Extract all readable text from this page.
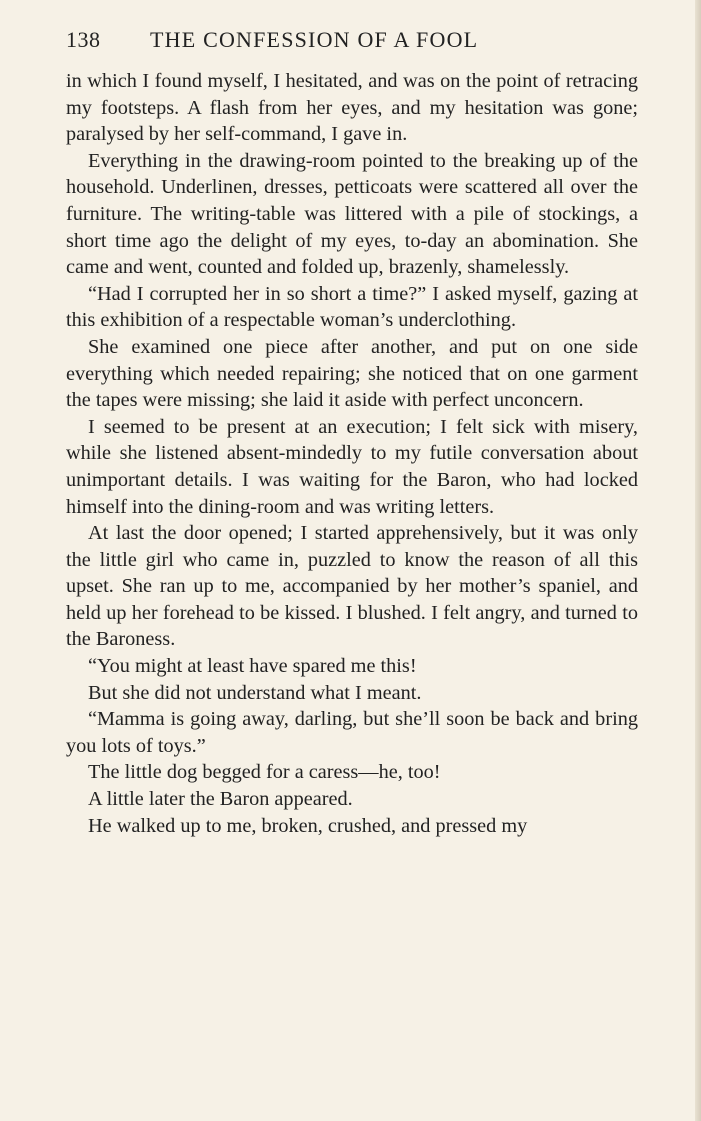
138 THE CONFESSION OF A FOOL

in which I found myself, I hesitated, and was on the point of retracing my footsteps. A flash from her eyes, and my hesitation was gone; paralysed by her self-command, I gave in.

Everything in the drawing-room pointed to the breaking up of the household. Underlinen, dresses, petticoats were scattered all over the furniture. The writing-table was littered with a pile of stockings, a short time ago the delight of my eyes, to-day an abomination. She came and went, counted and folded up, brazenly, shamelessly.

“Had I corrupted her in so short a time?” I asked myself, gazing at this exhibition of a respectable woman’s underclothing.

She examined one piece after another, and put on one side everything which needed repairing; she noticed that on one garment the tapes were missing; she laid it aside with perfect unconcern.

I seemed to be present at an execution; I felt sick with misery, while she listened absent-mindedly to my futile conversation about unimportant details. I was waiting for the Baron, who had locked himself into the dining-room and was writing letters.

At last the door opened; I started apprehensively, but it was only the little girl who came in, puzzled to know the reason of all this upset. She ran up to me, accompanied by her mother’s spaniel, and held up her forehead to be kissed. I blushed. I felt angry, and turned to the Baroness.

“You might at least have spared me this!

But she did not understand what I meant.

“Mamma is going away, darling, but she’ll soon be back and bring you lots of toys.”

The little dog begged for a caress—he, too!

A little later the Baron appeared.

He walked up to me, broken, crushed, and pressed my
